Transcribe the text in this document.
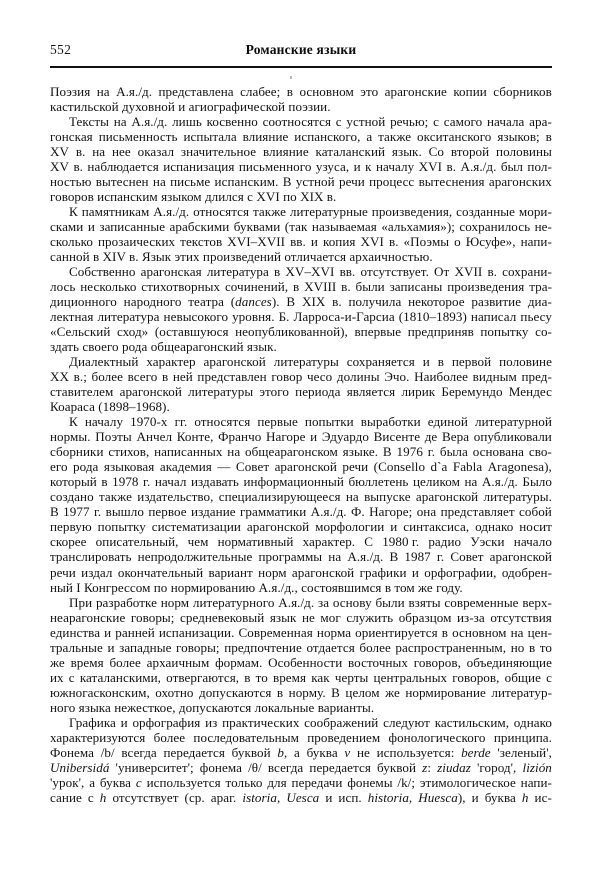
552	Романские языки
Поэзия на А.я./д. представлена слабее; в основном это арагонские копии сборников
кастильской духовной и агиографической поэзии.
Тексты на А.я./д. лишь косвенно соотносятся с устной речью; с самого начала ара-
гонская письменность испытала влияние испанского, а также окситанского языков; в
XV в. на нее оказал значительное влияние каталанский язык. Со второй половины
XV в. наблюдается испанизация письменного узуса, и к началу XVI в. А.я./д. был пол-
ностью вытеснен на письме испанским. В устной речи процесс вытеснения арагонских
говоров испанским языком длился с XVI по XIX в.
К памятникам А.я./д. относятся также литературные произведения, созданные мори-
сками и записанные арабскими буквами (так называемая «альхамия»); сохранилось не-
сколько прозаических текстов XVI–XVII вв. и копия XVI в. «Поэмы о Юсуфе», напи-
санной в XIV в. Язык этих произведений отличается архаичностью.
Собственно арагонская литература в XV–XVI вв. отсутствует. От XVII в. сохрани-
лось несколько стихотворных сочинений, в XVIII в. были записаны произведения тра-
диционного народного театра (dances). В XIX в. получила некоторое развитие диа-
лектная литература невысокого уровня. Б. Ларроса-и-Гарсиа (1810–1893) написал пьесу
«Сельский сход» (оставшуюся неопубликованной), впервые предприняв попытку со-
здать своего рода общеарагонский язык.
Диалектный характер арагонской литературы сохраняется и в первой половине
XX в.; более всего в ней представлен говор чесо долины Эчо. Наиболее видным пред-
ставителем арагонской литературы этого периода является лирик Беремундо Мендес
Коараса (1898–1968).
К началу 1970-х гг. относятся первые попытки выработки единой литературной
нормы. Поэты Анчел Конте, Франчо Нагоре и Эдуардо Висенте де Вера опубликовали
сборники стихов, написанных на общеарагонском языке. В 1976 г. была основана сво-
его рода языковая академия — Совет арагонской речи (Consello d`a Fabla Aragonesa),
который в 1978 г. начал издавать информационный бюллетень целиком на А.я./д. Было
создано также издательство, специализирующееся на выпуске арагонской литературы.
В 1977 г. вышло первое издание грамматики А.я./д. Ф. Нагоре; она представляет собой
первую попытку систематизации арагонской морфологии и синтаксиса, однако носит
скорее описательный, чем нормативный характер. С 1980 г. радио Уэски начало
транслировать непродолжительные программы на А.я./д. В 1987 г. Совет арагонской
речи издал окончательный вариант норм арагонской графики и орфографии, одобрен-
ный I Конгрессом по нормированию А.я./д., состоявшимся в том же году.
При разработке норм литературного А.я./д. за основу были взяты современные верх-
неарагонские говоры; средневековый язык не мог служить образцом из-за отсутствия
единства и ранней испанизации. Современная норма ориентируется в основном на цен-
тральные и западные говоры; предпочтение отдается более распространенным, но в то
же время более архаичным формам. Особенности восточных говоров, объединяющие
их с каталанскими, отвергаются, в то время как черты центральных говоров, общие с
южногасконским, охотно допускаются в норму. В целом же нормирование литератур-
ного языка нежесткое, допускаются локальные варианты.
Графика и орфография из практических соображений следуют кастильским, однако
характеризуются более последовательным проведением фонологического принципа.
Фонема /b/ всегда передается буквой b, а буква v не используется: berde 'зеленый',
Unibersidá 'университет'; фонема /θ/ всегда передается буквой z: ziudaz 'город', lizión
'урок', а буква c используется только для передачи фонемы /k/; этимологическое напи-
сание с h отсутствует (ср. араг. istoria, Uesca и исп. historia, Huesca), и буква h ис-
